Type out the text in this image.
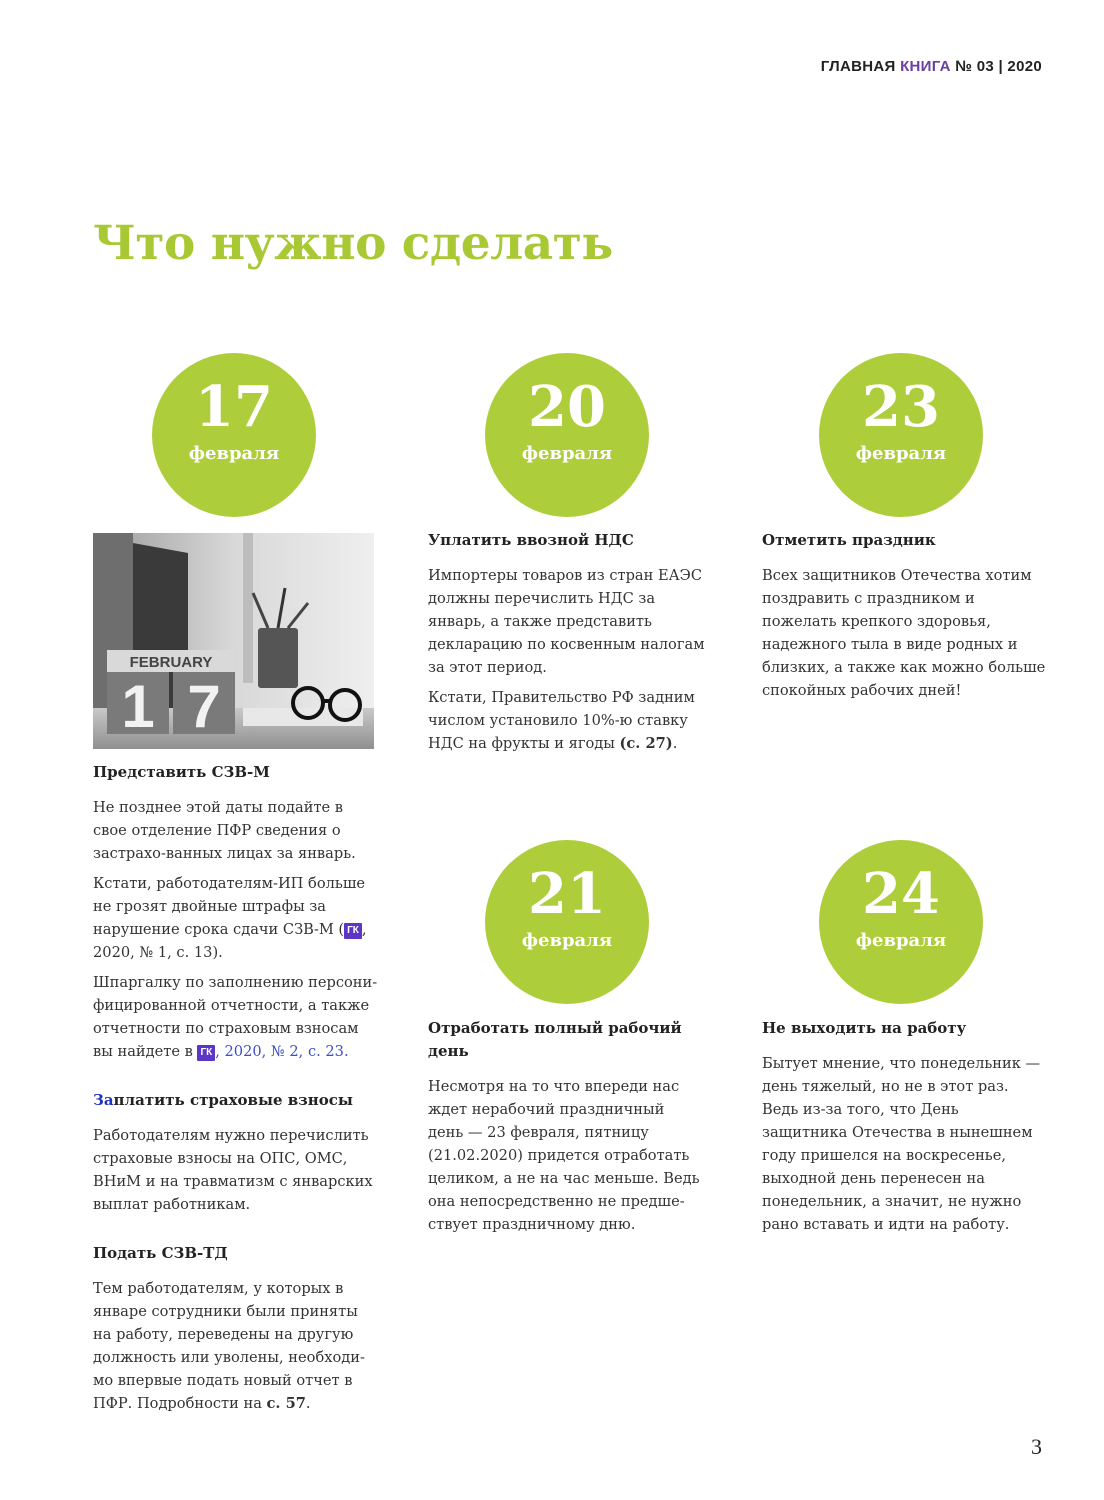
ГЛАВНАЯ КНИГА № 03 | 2020
Что нужно сделать
17
февраля
20
февраля
23
февраля
21
февраля
24
февраля
FEBRUARY
1 7
Представить СЗВ-М

Не позднее этой даты подайте в свое отделение ПФР сведения о застрахо-ванных лицах за январь.

Кстати, работодателям-ИП больше не грозят двойные штрафы за нарушение срока сдачи СЗВ-М ( ГК , 2020, № 1, с. 13).

Шпаргалку по заполнению персони-фицированной отчетности, а также отчетности по страховым взносам вы найдете в ГК , 2020, № 2, с. 23.

Заплатить страховые взносы

Работодателям нужно перечислить страховые взносы на ОПС, ОМС, ВНиМ и на травматизм с январских выплат работникам.

Подать СЗВ-ТД

Тем работодателям, у которых в январе сотрудники были приняты на работу, переведены на другую должность или уволены, необходи-мо впервые подать новый отчет в ПФР. Подробности на с. 57.

Уплатить ввозной НДС

Импортеры товаров из стран ЕАЭС должны перечислить НДС за январь, а также представить декларацию по косвенным налогам за этот период.

Кстати, Правительство РФ задним числом установило 10%-ю ставку НДС на фрукты и ягоды (с. 27).

Отметить праздник

Всех защитников Отечества хотим поздравить с праздником и пожелать крепкого здоровья, надежного тыла в виде родных и близких, а также как можно больше спокойных рабочих дней!

Отработать полный рабочий день

Несмотря на то что впереди нас ждет нерабочий праздничный день — 23 февраля, пятницу (21.02.2020) придется отработать целиком, а не на час меньше. Ведь она непосредственно не предше-ствует праздничному дню.

Не выходить на работу

Бытует мнение, что понедельник — день тяжелый, но не в этот раз. Ведь из-за того, что День защитника Отечества в нынешнем году пришелся на воскресенье, выходной день перенесен на понедельник, а значит, не нужно рано вставать и идти на работу.

3
